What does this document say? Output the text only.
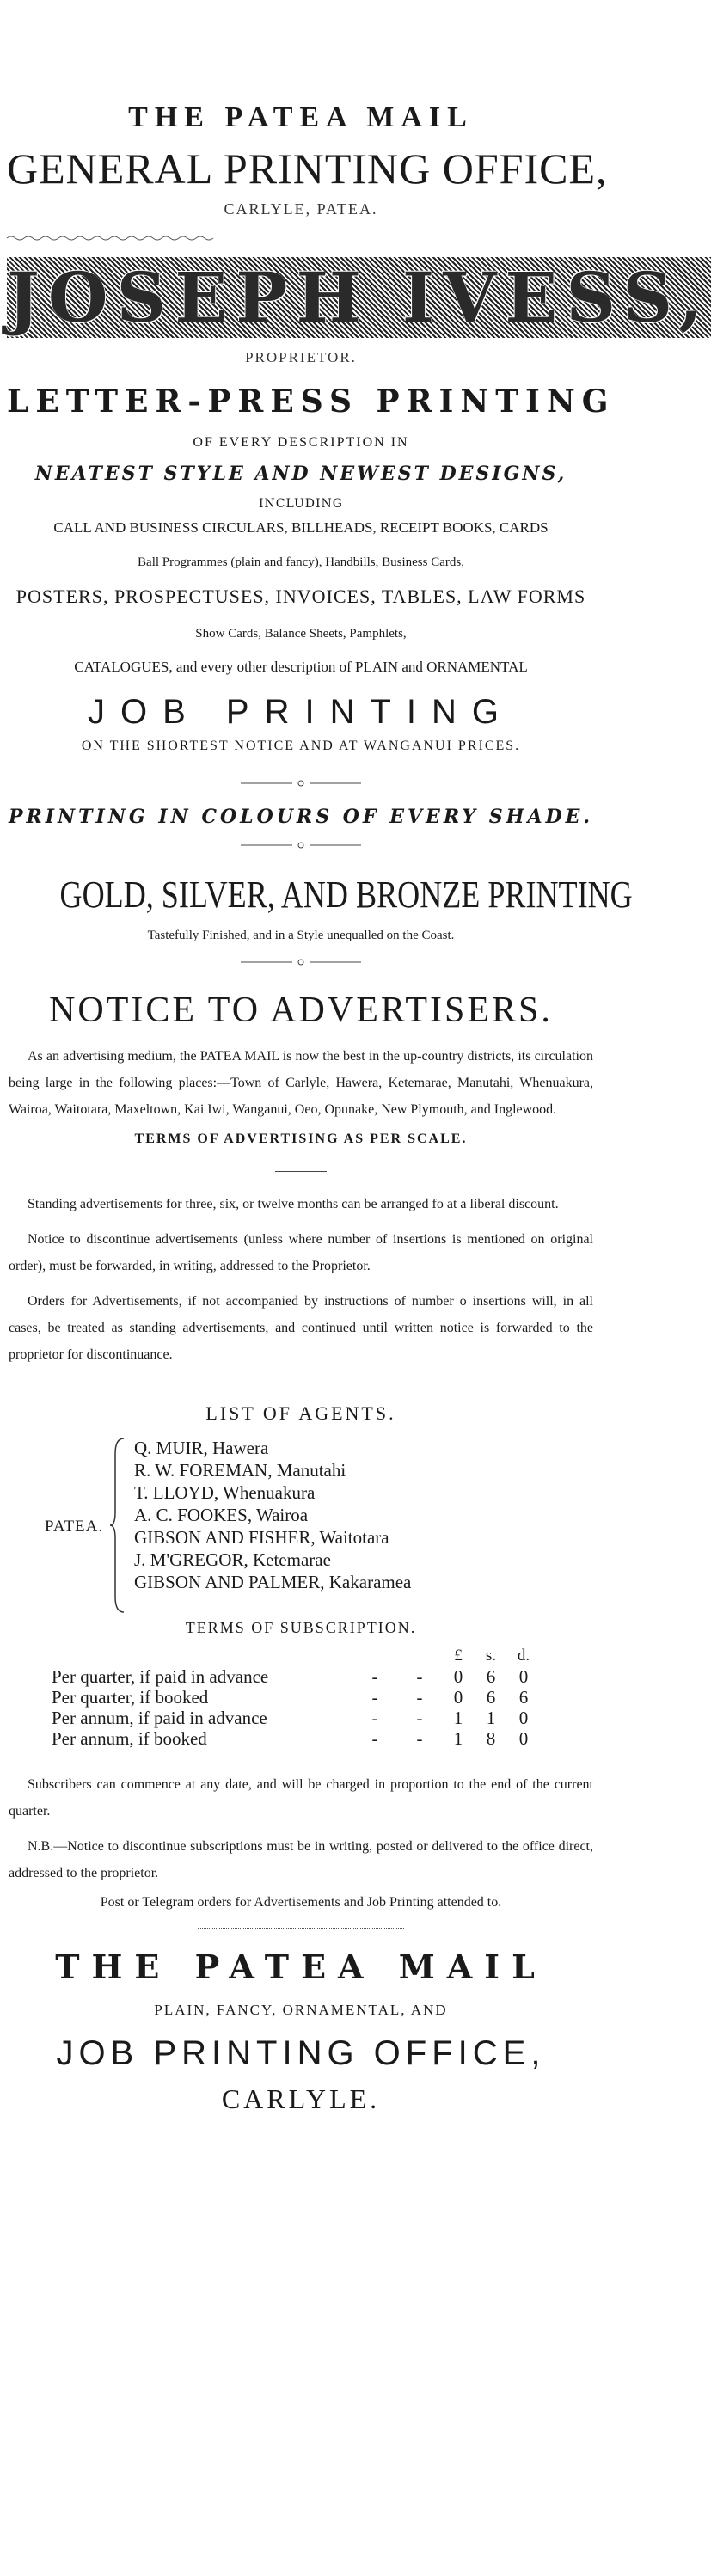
THE PATEA MAIL
GENERAL PRINTING OFFICE,
CARLYLE, PATEA.
JOSEPH IVESS,
PROPRIETOR.
LETTER-PRESS PRINTING
OF EVERY DESCRIPTION IN
NEATEST STYLE AND NEWEST DESIGNS,
INCLUDING
CALL AND BUSINESS CIRCULARS, BILLHEADS, RECEIPT BOOKS, CARDS
Ball Programmes (plain and fancy), Handbills, Business Cards,
POSTERS, PROSPECTUSES, INVOICES, TABLES, LAW FORMS
Show Cards, Balance Sheets, Pamphlets,
CATALOGUES, and every other description of PLAIN and ORNAMENTAL
JOB PRINTING
ON THE SHORTEST NOTICE AND AT WANGANUI PRICES.
PRINTING IN COLOURS OF EVERY SHADE.
GOLD, SILVER, AND BRONZE PRINTING
Tastefully Finished, and in a Style unequalled on the Coast.
NOTICE TO ADVERTISERS.

As an advertising medium, the PATEA MAIL is now the best in the up-country districts, its circulation being large in the following places:—Town of Carlyle, Hawera, Ketemarae, Manutahi, Whenuakura, Wairoa, Waitotara, Maxeltown, Kai Iwi, Wanganui, Oeo, Opunake, New Plymouth, and Inglewood.

TERMS OF ADVERTISING AS PER SCALE.

Standing advertisements for three, six, or twelve months can be arranged fo at a liberal discount.

Notice to discontinue advertisements (unless where number of insertions is mentioned on original order), must be forwarded, in writing, addressed to the Proprietor.

Orders for Advertisements, if not accompanied by instructions of number o insertions will, in all cases, be treated as standing advertisements, and continued until written notice is forwarded to the proprietor for discontinuance.

LIST OF AGENTS.
PATEA.
Q. MUIR, Hawera
R. W. FOREMAN, Manutahi
T. LLOYD, Whenuakura
A. C. FOOKES, Wairoa
GIBSON AND FISHER, Waitotara
J. M'GREGOR, Ketemarae
GIBSON AND PALMER, Kakaramea
TERMS OF SUBSCRIPTION.
			£	s.	d.
Per quarter, if paid in advance	-	-	0	6	0
Per quarter, if booked	-	-	0	6	6
Per annum, if paid in advance	-	-	1	1	0
Per annum, if booked	-	-	1	8	0

Subscribers can commence at any date, and will be charged in proportion to the end of the current quarter.

N.B.—Notice to discontinue subscriptions must be in writing, posted or delivered to the office direct, addressed to the proprietor.

Post or Telegram orders for Advertisements and Job Printing attended to.
THE PATEA MAIL
PLAIN, FANCY, ORNAMENTAL, AND
JOB PRINTING OFFICE,
CARLYLE.
